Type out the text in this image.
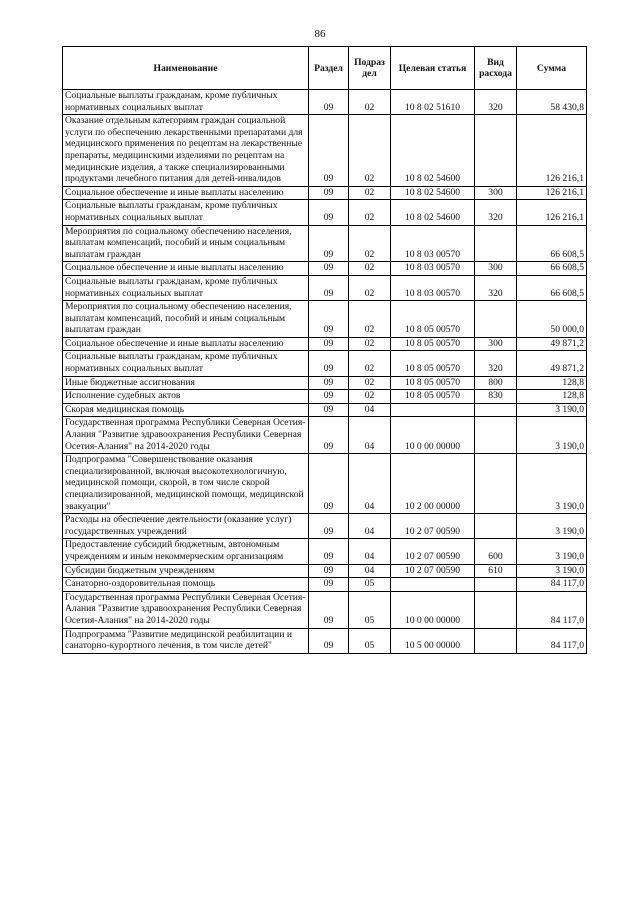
86
Наименование	Раздел	Подраз дел	Целевая статья	Вид расхода	Сумма
Социальные выплаты гражданам, кроме публичных нормативных социальных выплат	09	02	10 8 02 51610	320	58 430,8
Оказание отдельным категориям граждан социальной услуги по обеспечению лекарственными препаратами для медицинского применения по рецептам на лекарственные препараты, медицинскими изделиями по рецептам на медицинские изделия, а также специализированными продуктами лечебного питания для детей-инвалидов	09	02	10 8 02 54600		126 216,1
Социальное обеспечение и иные выплаты населению	09	02	10 8 02 54600	300	126 216,1
Социальные выплаты гражданам, кроме публичных нормативных социальных выплат	09	02	10 8 02 54600	320	126 216,1
Мероприятия по социальному обеспечению населения, выплатам компенсаций, пособий и иным социальным выплатам граждан	09	02	10 8 03 00570		66 608,5
Социальное обеспечение и иные выплаты населению	09	02	10 8 03 00570	300	66 608,5
Социальные выплаты гражданам, кроме публичных нормативных социальных выплат	09	02	10 8 03 00570	320	66 608,5
Мероприятия по социальному обеспечению населения, выплатам компенсаций, пособий и иным социальным выплатам граждан	09	02	10 8 05 00570		50 000,0
Социальное обеспечение и иные выплаты населению	09	02	10 8 05 00570	300	49 871,2
Социальные выплаты гражданам, кроме публичных нормативных социальных выплат	09	02	10 8 05 00570	320	49 871,2
Иные бюджетные ассигнования	09	02	10 8 05 00570	800	128,8
Исполнение судебных актов	09	02	10 8 05 00570	830	128,8
Скорая медицинская помощь	09	04			3 190,0
Государственная программа Республики Северная Осетия-Алания "Развитие здравоохранения Республики Северная Осетия-Алания" на 2014-2020 годы	09	04	10 0 00 00000		3 190,0
Подпрограмма "Совершенствование оказания специализированной, включая высокотехнологичную, медицинской помощи, скорой, в том числе скорой специализированной, медицинской помощи, медицинской эвакуации"	09	04	10 2 00 00000		3 190,0
Расходы на обеспечение деятельности (оказание услуг) государственных учреждений	09	04	10 2 07 00590		3 190,0
Предоставление субсидий бюджетным, автономным учреждениям и иным некоммерческим организациям	09	04	10 2 07 00590	600	3 190,0
Субсидии бюджетным учреждениям	09	04	10 2 07 00590	610	3 190,0
Санаторно-оздоровительная помощь	09	05			84 117,0
Государственная программа Республики Северная Осетия-Алания "Развитие здравоохранения Республики Северная Осетия-Алания" на 2014-2020 годы	09	05	10 0 00 00000		84 117,0
Подпрограмма "Развитие медицинской реабилитации и санаторно-курортного лечения, в том числе детей"	09	05	10 5 00 00000		84 117,0
